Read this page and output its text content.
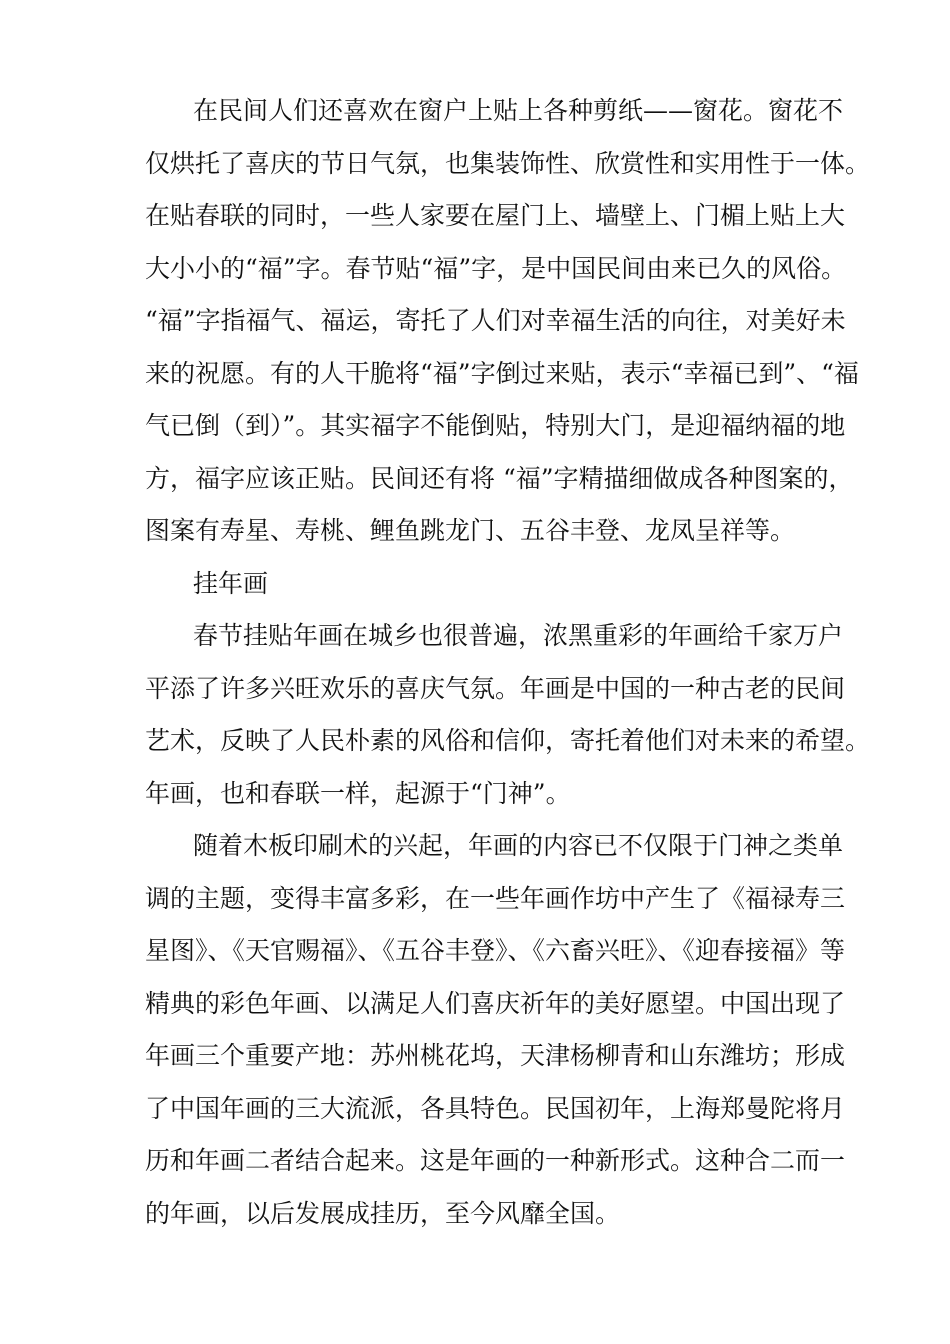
在民间人们还喜欢在窗户上贴上各种剪纸——窗花。窗花不
仅烘托了喜庆的节日气氛，也集装饰性、欣赏性和实用性于一体。
在贴春联的同时，一些人家要在屋门上、墙壁上、门楣上贴上大
大小小的“福”字。春节贴“福”字，是中国民间由来已久的风俗。
“福”字指福气、福运，寄托了人们对幸福生活的向往，对美好未
来的祝愿。有的人干脆将“福”字倒过来贴，表示“幸福已到”、“福
气已倒（到）”。其实福字不能倒贴，特别大门，是迎福纳福的地
方，福字应该正贴。民间还有将 “福”字精描细做成各种图案的，
图案有寿星、寿桃、鲤鱼跳龙门、五谷丰登、龙凤呈祥等。
挂年画
春节挂贴年画在城乡也很普遍，浓黑重彩的年画给千家万户
平添了许多兴旺欢乐的喜庆气氛。年画是中国的一种古老的民间
艺术，反映了人民朴素的风俗和信仰，寄托着他们对未来的希望。
年画，也和春联一样，起源于“门神”。
随着木板印刷术的兴起，年画的内容已不仅限于门神之类单
调的主题，变得丰富多彩，在一些年画作坊中产生了《福禄寿三
星图》、《天官赐福》、《五谷丰登》、《六畜兴旺》、《迎春接福》等
精典的彩色年画、以满足人们喜庆祈年的美好愿望。中国出现了
年画三个重要产地：苏州桃花坞，天津杨柳青和山东潍坊；形成
了中国年画的三大流派，各具特色。民国初年，上海郑曼陀将月
历和年画二者结合起来。这是年画的一种新形式。这种合二而一
的年画，以后发展成挂历，至今风靡全国。
